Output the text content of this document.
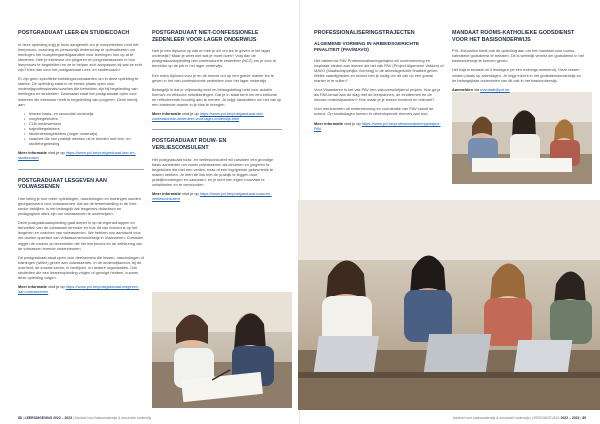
POSTGRADUAAT LEER-EN STUDIECOACH

In deze opleiding krijg je tools aangereikt om je competenties rond het leerproces, coaching en persoonlijk leiderschap te optimaliseren om leerlingen het buurpleegwerk/gaandeel voor leerlingen hun op af te stemmen. Heb je interesse om jongeren en jongvolwassenen in hun leerproces te begeleiden en ze te helpen zich aanpassen bij wat ze echt zijn? Kies dan voor het postgraduaat Leer- en studiecoach!

Er zijn geen specifieke toelatingsvoorwaarden om in deze opleiding te starten. De opleiding staat in de eerste plaats open voor onderwijsprofessionals/coaches die betrokken zijn bij begeleiding van leerlingen en studenten. Daarnaast staat het postgraduaat open voor iedereen die interesse heeft in begeleiding van jongeren. Denk hierbij aan:

• leraren basis- en secundair onderwijs
• zorg/begeleiders
• CLB-medewerkers
• trajectbegeleiders
• studentenbegeleiders (hoger onderwijs)
• coaches die hun praktijk wensen uit te breiden met leer- en studiebegeleiding

Meer informatie vind je op https://www.pxl.be/postgraduaat-leer-en-studiecoach

POSTGRADUAAT LESGEVEN AAN VOLWASSENEN

Hoe beleg je hoe meer opleidingen, nascholingen en trainingen worden georganiseerd voor volwassenen. Als we de tewerkstelling in de hele sector bekijken, is het belangrijk dat lesgevers didactisch en pedagogisch sterk zijn om volwassenen te onderwijzen.

Deze postgraduaatopleiding gaat dieper in op de eigenschappen en behoeften van de volwassen lerender en hoe dit van invloed is op het lesgeven en coachen van volwassenen. We hebben ook aandacht voor het doelen opzetten van volwassenenonderwijs in Vlaanderen. Cursisten leggen de nadruk op technieken die het leerproces en de zelfsturing van de volwassen lerende ondersteunen.

Dit postgraduaat staat open voor deelnemers die lessen, nascholingen of trainingen (willen) geven aan volwassenen, in de onderwijssector, bij de overheid, de sociale sector, in bedrijven, en andere organisaties. Ook studenten die een lerarenopleiding volgen of gevolgd hebben, kunnen deze opleiding volgen.

Meer informatie vind je op https://www.pxl.be/postgraduaat-lesgeven-aan-volwassenen

POSTGRADUAAT NIET-CONFESSIONELE ZEDENLEER VOOR LAGER ONDERWIJS

Heb je een diploma op zak en heb je zin om les te geven in het lager onderwijs? Maar je weet niet wat je moet doen? Volg dan de postgraduaatopleiding niet-confessionele zedenleer (NCZ) om je voor te bereiden op de job in het lager onderwijs.

Een extra diploma voor je en de kennis om op een goede manier les te geven in het niet-confessionele zedenleer voor het lager onderwijs.

Belangrijk is dat je vrijmoedig bent en belangstelling hebt voor actuele thema's en ethische ontwikkelingen. Dat je in staat bent om een kritische en reflecterende houding aan te nemen. Je krijgt handvatten om het vak op een boeiende manier in je klas te brengen.

Meer informatie vind je op https://www.pxl.be/postgraduaat-niet-confessionele-zedenleer-voor-lager-onderwijs.html

POSTGRADUAAT ROUW- EN VERLIESCONSULENT

Het postgraduaat rouw- en verliesconsulent wil cursisten een grondige basis aanbieden om zowel volwassenen als kinderen en jongeren te begeleiden die met een verlies, rouw of een ingrijpende gebeurtenis te maken hebben. Je leert de link met de praktijk te leggen door praktijkervaringen en casussen, en je leert een eigen rouwvisie te ontwikkelen en te verwoorden.

Meer informatie vind je op https://www.pxl.be/postgraduaat-rouw-en-verliesconsulent

88 | LEEROMGEVING 2022 – 2023 | Aanbod voor basisonderwijs & secundair onderwijs
PROFESSIONALISERINGSTRAJECTEN
ALGEMENE VORMING IN ARBEIDSGERICHTE FINALITEIT (PAV/MAVO)

Het vakkennis PAV Professionaliseringstraject wil ondersteuning en inspiratie bieden aan leraren die het vak PAV (Project Algemene Vakken) of MAVO (Maatschappelijke Vorming) in de arbeidsgerichte finaliteit geven. Welke vaardigheden en kennis heb je nodig om dit vak op een goede manier in te vullen?

Voor Vlaanderen is het vak PAV een vakoverschrijdend project. Hoe ga je als PAV-leraar aan de slag met de leerplannen, de eindtermen en de nieuwe onderwijsdoelen? Hoe maak je je lessen boeiend en relevant?

Voor leerkrachten uit ondersteuning en coördinatie van PAV vanuit de school. Op studiedagen komen er uiteenlopende thema's aan bod.

Meer informatie vind je op https://www.pxl.be/professionaliseringstraject-PAV

MANDAAT ROOMS-KATHOLIEKE GODSDIENST VOOR HET BASISONDERWIJS

PXL-Education biedt ook de opleiding aan om het mandaat voor rooms-katholieke godsdienst te behalen. Dit is wettelijk vereist om godsdienst in het basisonderwijs te kunnen geven.

Het traject bestaat uit 3 lesdagen (of een trainings-weekend). Deze lessen vinden plaats op zaterdagen. Je krijgt inzicht in het godsdienstonderwijs en de belangrijkste onderdelen van dit vak in het basisonderwijs.

Aanmelden via mandaat@pxl.be

Aanbod voor basisonderwijs & secundair onderwijs | LEEROMGEVING 2022 – 2023 | 89
